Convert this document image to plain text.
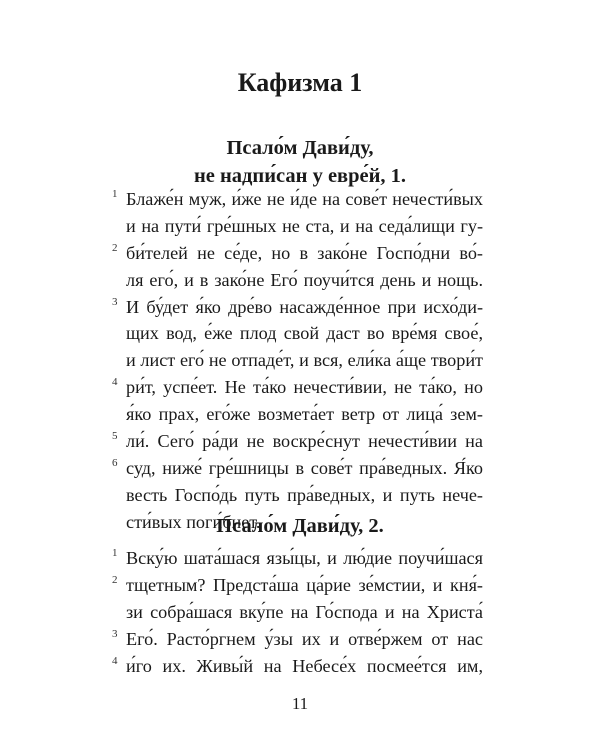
Кафизма 1
Псало́м Дави́ду,
не надпи́сан у евре́й, 1.
1 Блаже́н муж, и́же не и́де на сове́т нечести́вых
и на пути́ гре́шных не ста, и на седа́лищи гу-
2 би́телей не се́де, но в зако́не Госпо́дни во́-
ля его́, и в зако́не Его́ поучи́тся день и нощь.
3 И бу́дет я́ко дре́во насажде́нное при исхо́ди-
щих вод, е́же плод свой даст во вре́мя свое́,
и лист его́ не отпаде́т, и вся, ели́ка а́ще твори́т
4 ри́т, успе́ет. Не та́ко нечести́вии, не та́ко, но
я́ко прах, его́же возмета́ет ветр от лица́ зем-
5 ли́. Сего́ ра́ди не воскре́снут нечести́вии на
6 суд, ниже́ гре́шницы в сове́т пра́ведных. Я́ко
весть Госпо́дь путь пра́ведных, и путь нече-
сти́вых поги́бнет.
Псало́м Дави́ду, 2.
1 Вску́ю шата́шася язы́цы, и лю́дие поучи́шася
2 тщетным? Предста́ша ца́рие зе́мстии, и кня́-
зи собра́шася вку́пе на Го́спода и на Христа́
3 Его́. Расто́ргнем у́зы их и отве́ржем от нас
4 и́го их. Живы́й на Небесе́х посмее́тся им,
11
